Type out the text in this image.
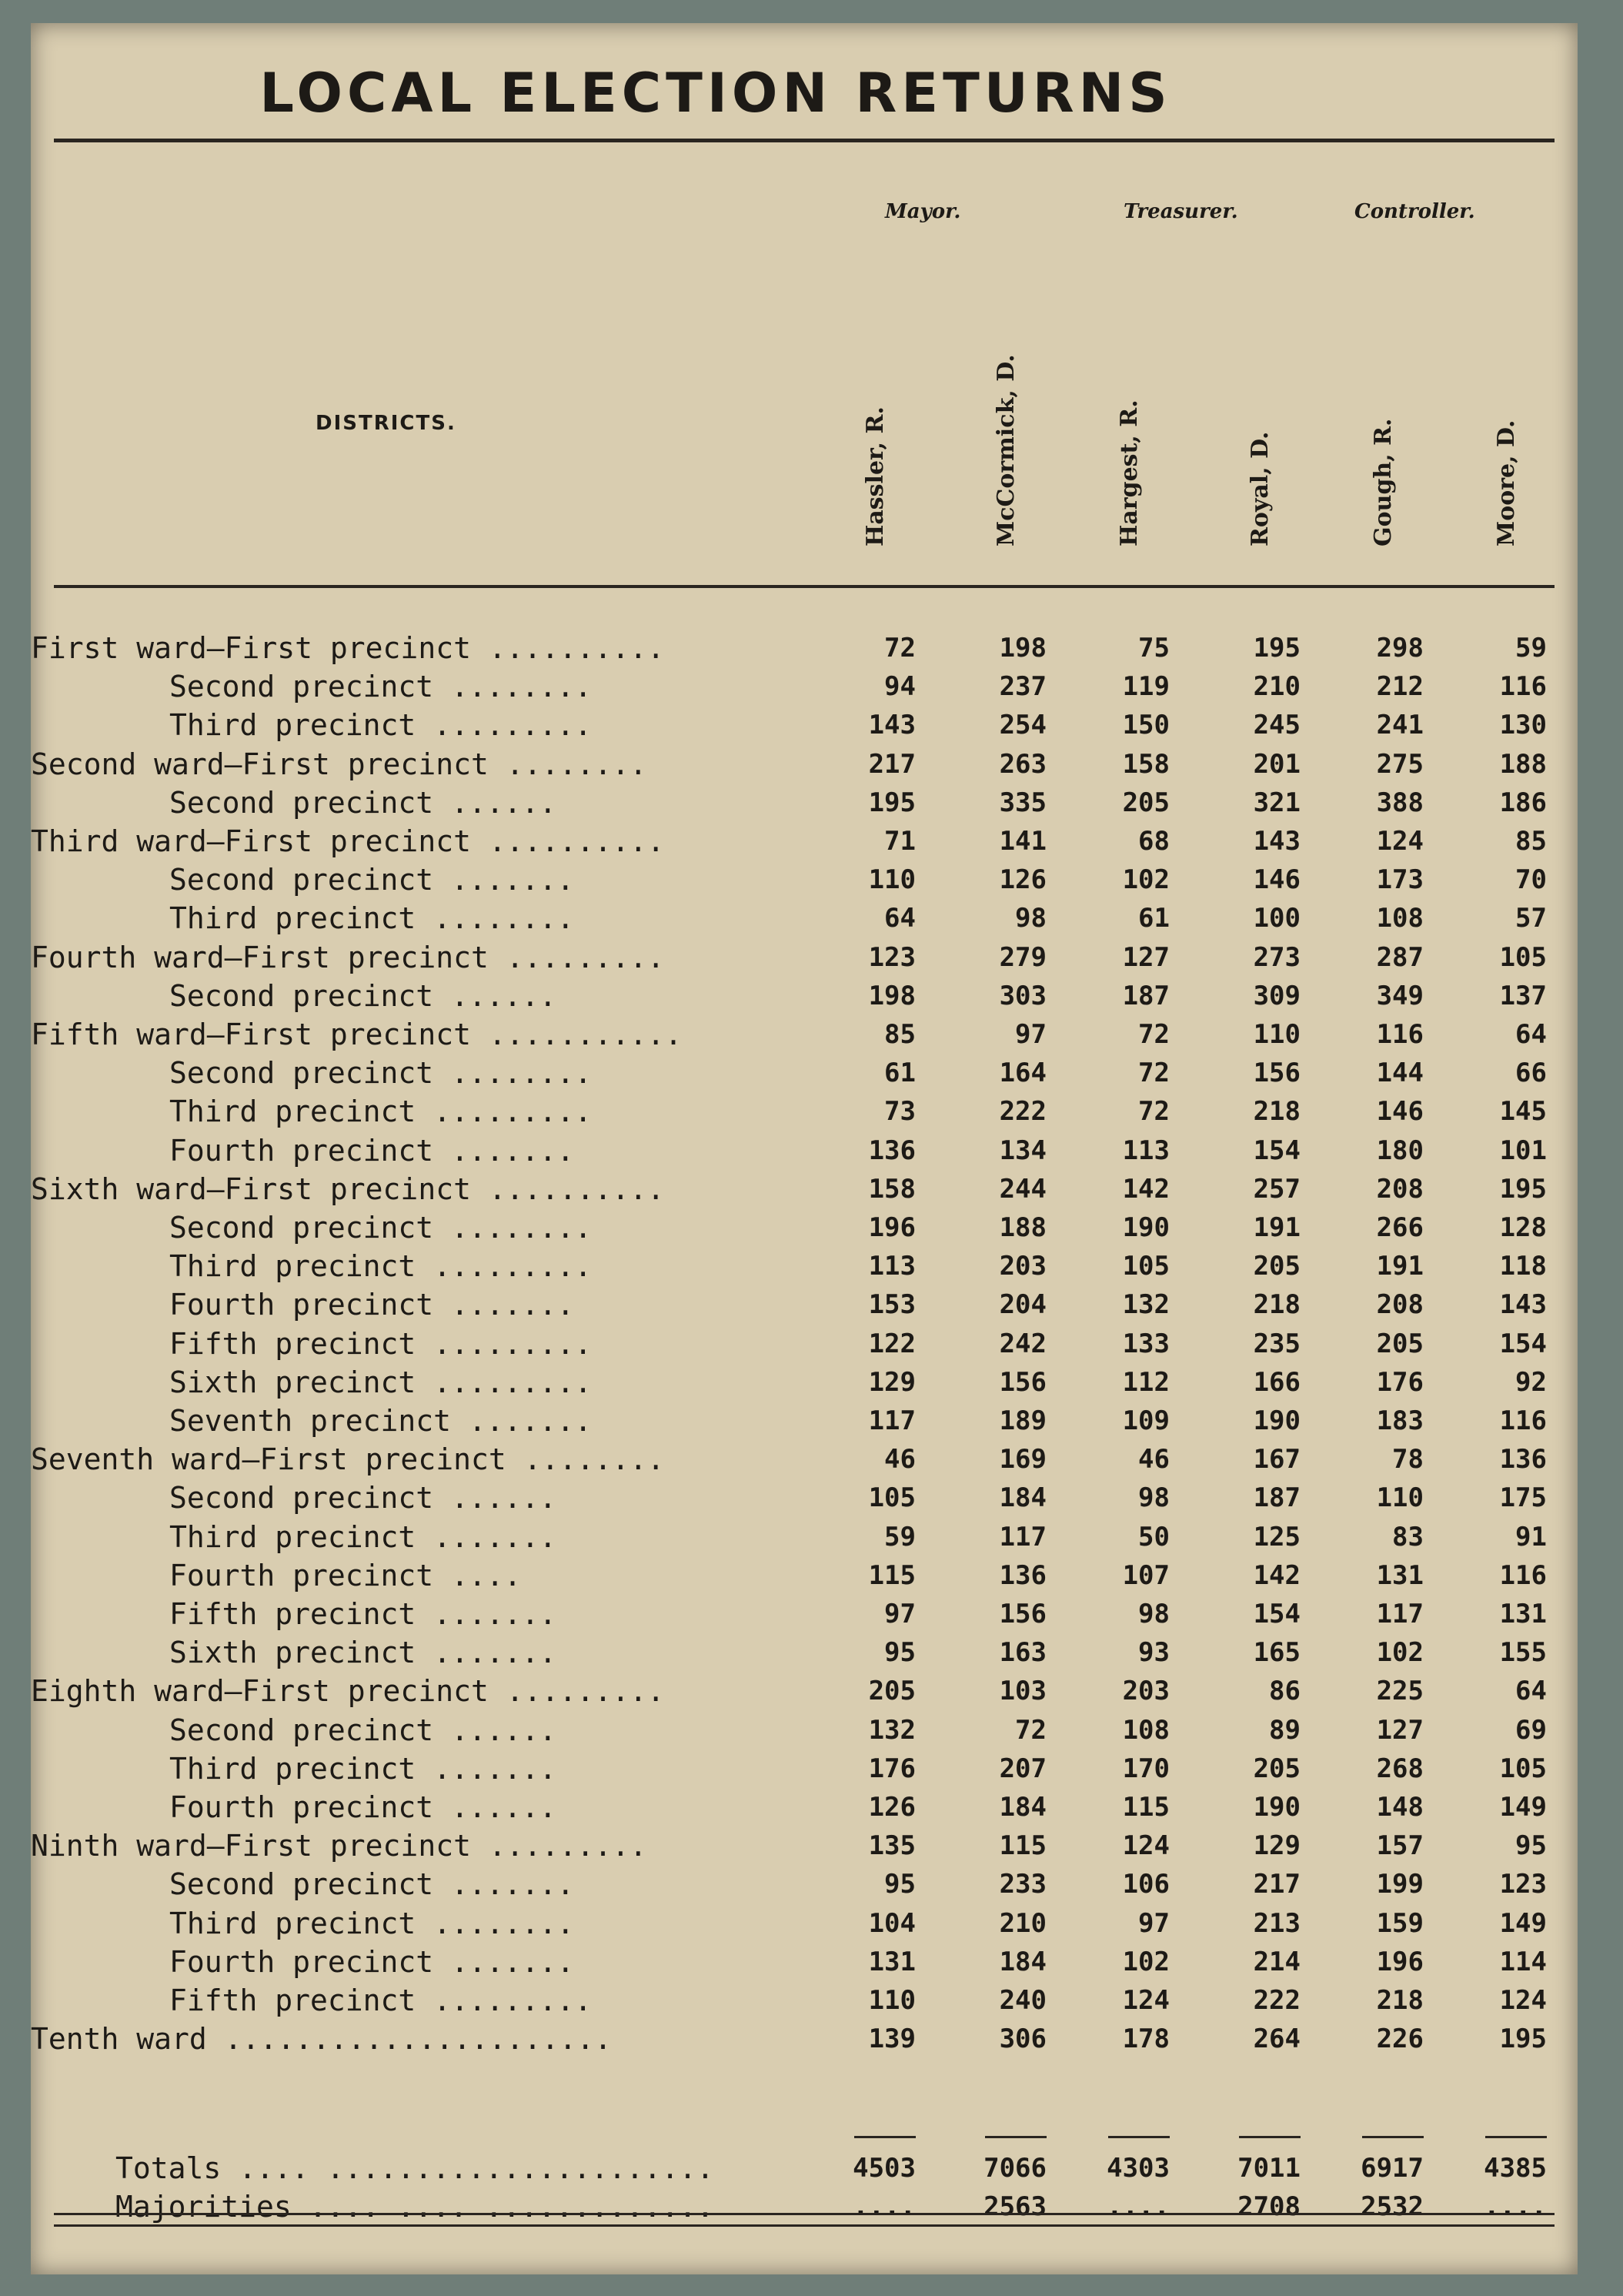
LOCAL ELECTION RETURNS
Mayor.	Treasurer.	Controller.
DISTRICTS.	Hassler, R.	McCormick, D.	Hargest, R.	Royal, D.	Gough, R.	Moore, D.
First ward—First precinct ..........	72	198	75	195	298	59
Second precinct ........	94	237	119	210	212	116
Third precinct .........	143	254	150	245	241	130
Second ward—First precinct ........	217	263	158	201	275	188
Second precinct ......	195	335	205	321	388	186
Third ward—First precinct ..........	71	141	68	143	124	85
Second precinct .......	110	126	102	146	173	70
Third precinct ........	64	98	61	100	108	57
Fourth ward—First precinct .........	123	279	127	273	287	105
Second precinct ......	198	303	187	309	349	137
Fifth ward—First precinct ...........	85	97	72	110	116	64
Second precinct ........	61	164	72	156	144	66
Third precinct .........	73	222	72	218	146	145
Fourth precinct .......	136	134	113	154	180	101
Sixth ward—First precinct ..........	158	244	142	257	208	195
Second precinct ........	196	188	190	191	266	128
Third precinct .........	113	203	105	205	191	118
Fourth precinct .......	153	204	132	218	208	143
Fifth precinct .........	122	242	133	235	205	154
Sixth precinct .........	129	156	112	166	176	92
Seventh precinct .......	117	189	109	190	183	116
Seventh ward—First precinct ........	46	169	46	167	78	136
Second precinct ......	105	184	98	187	110	175
Third precinct .......	59	117	50	125	83	91
Fourth precinct ....	115	136	107	142	131	116
Fifth precinct .......	97	156	98	154	117	131
Sixth precinct .......	95	163	93	165	102	155
Eighth ward—First precinct .........	205	103	203	86	225	64
Second precinct ......	132	72	108	89	127	69
Third precinct .......	176	207	170	205	268	105
Fourth precinct ......	126	184	115	190	148	149
Ninth ward—First precinct .........	135	115	124	129	157	95
Second precinct .......	95	233	106	217	199	123
Third precinct ........	104	210	97	213	159	149
Fourth precinct .......	131	184	102	214	196	114
Fifth precinct .........	110	240	124	222	218	124
Tenth ward ......................	139	306	178	264	226	195
Totals .... ......................	4503	7066 4303	7011 6917 4385
Majorities .... .... .............	....	2563 ....	2708 2532 ....
